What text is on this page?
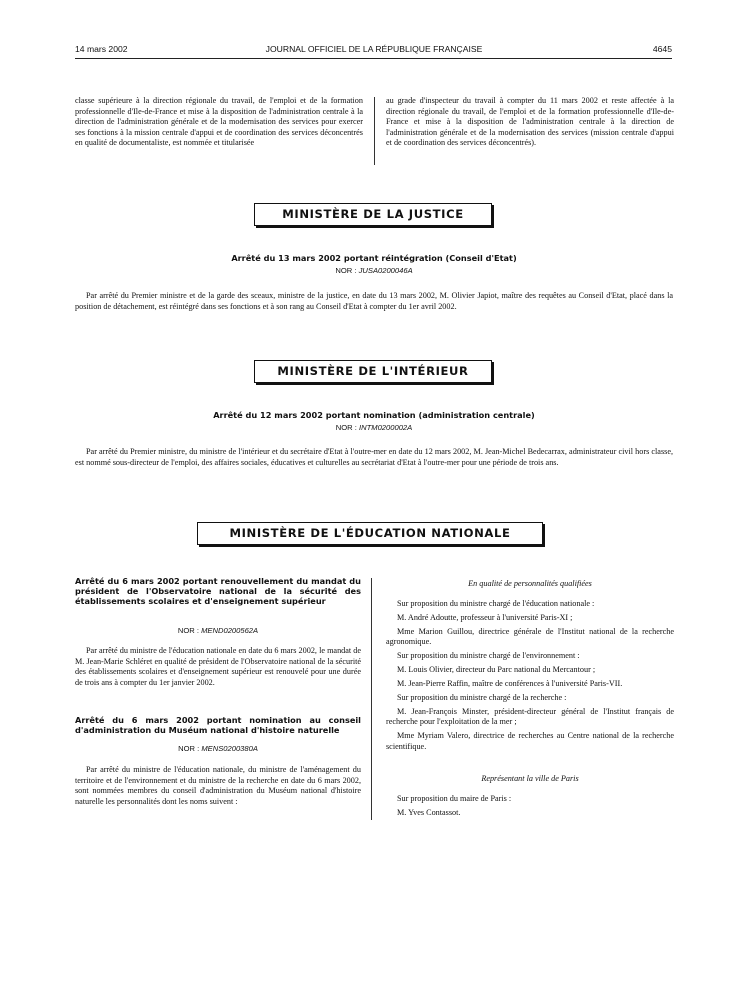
14 mars 2002	JOURNAL OFFICIEL DE LA RÉPUBLIQUE FRANÇAISE	4645

classe supérieure à la direction régionale du travail, de l'emploi et de la formation professionnelle d'Ile-de-France et mise à la disposition de l'administration centrale à la direction de l'administration générale et de la modernisation des services pour exercer ses fonctions à la mission centrale d'appui et de coordination des services déconcentrés en qualité de documentaliste, est nommée et titularisée

au grade d'inspecteur du travail à compter du 11 mars 2002 et reste affectée à la direction régionale du travail, de l'emploi et de la formation professionnelle d'Ile-de-France et mise à la disposition de l'administration centrale à la direction de l'administration générale et de la modernisation des services (mission centrale d'appui et de coordination des services déconcentrés).

MINISTÈRE DE LA JUSTICE
Arrêté du 13 mars 2002 portant réintégration (Conseil d'Etat)
NOR : JUSA0200046A
Par arrêté du Premier ministre et de la garde des sceaux, ministre de la justice, en date du 13 mars 2002, M. Olivier Japiot, maître des requêtes au Conseil d'Etat, placé dans la position de détachement, est réintégré dans ses fonctions et à son rang au Conseil d'Etat à compter du 1er avril 2002.
MINISTÈRE DE L'INTÉRIEUR
Arrêté du 12 mars 2002 portant nomination (administration centrale)
NOR : INTM0200002A
Par arrêté du Premier ministre, du ministre de l'intérieur et du secrétaire d'Etat à l'outre-mer en date du 12 mars 2002, M. Jean-Michel Bedecarrax, administrateur civil hors classe, est nommé sous-directeur de l'emploi, des affaires sociales, éducatives et culturelles au secrétariat d'Etat à l'outre-mer pour une période de trois ans.
MINISTÈRE DE L'ÉDUCATION NATIONALE
Arrêté du 6 mars 2002 portant renouvellement du mandat du président de l'Observatoire national de la sécurité des établissements scolaires et d'enseignement supérieur
NOR : MEND0200562A
Par arrêté du ministre de l'éducation nationale en date du 6 mars 2002, le mandat de M. Jean-Marie Schléret en qualité de président de l'Observatoire national de la sécurité des établissements scolaires et d'enseignement supérieur est renouvelé pour une durée de trois ans à compter du 1er janvier 2002.
Arrêté du 6 mars 2002 portant nomination au conseil d'administration du Muséum national d'histoire naturelle
NOR : MENS0200380A
Par arrêté du ministre de l'éducation nationale, du ministre de l'aménagement du territoire et de l'environnement et du ministre de la recherche en date du 6 mars 2002, sont nommées membres du conseil d'administration du Muséum national d'histoire naturelle les personnalités dont les noms suivent :
En qualité de personnalités qualifiées

Sur proposition du ministre chargé de l'éducation nationale :

M. André Adoutte, professeur à l'université Paris-XI ;

Mme Marion Guillou, directrice générale de l'Institut national de la recherche agronomique.

Sur proposition du ministre chargé de l'environnement :

M. Louis Olivier, directeur du Parc national du Mercantour ;

M. Jean-Pierre Raffin, maître de conférences à l'université Paris-VII.

Sur proposition du ministre chargé de la recherche :

M. Jean-François Minster, président-directeur général de l'Institut français de recherche pour l'exploitation de la mer ;

Mme Myriam Valero, directrice de recherches au Centre national de la recherche scientifique.

Représentant la ville de Paris

Sur proposition du maire de Paris :

M. Yves Contassot.
